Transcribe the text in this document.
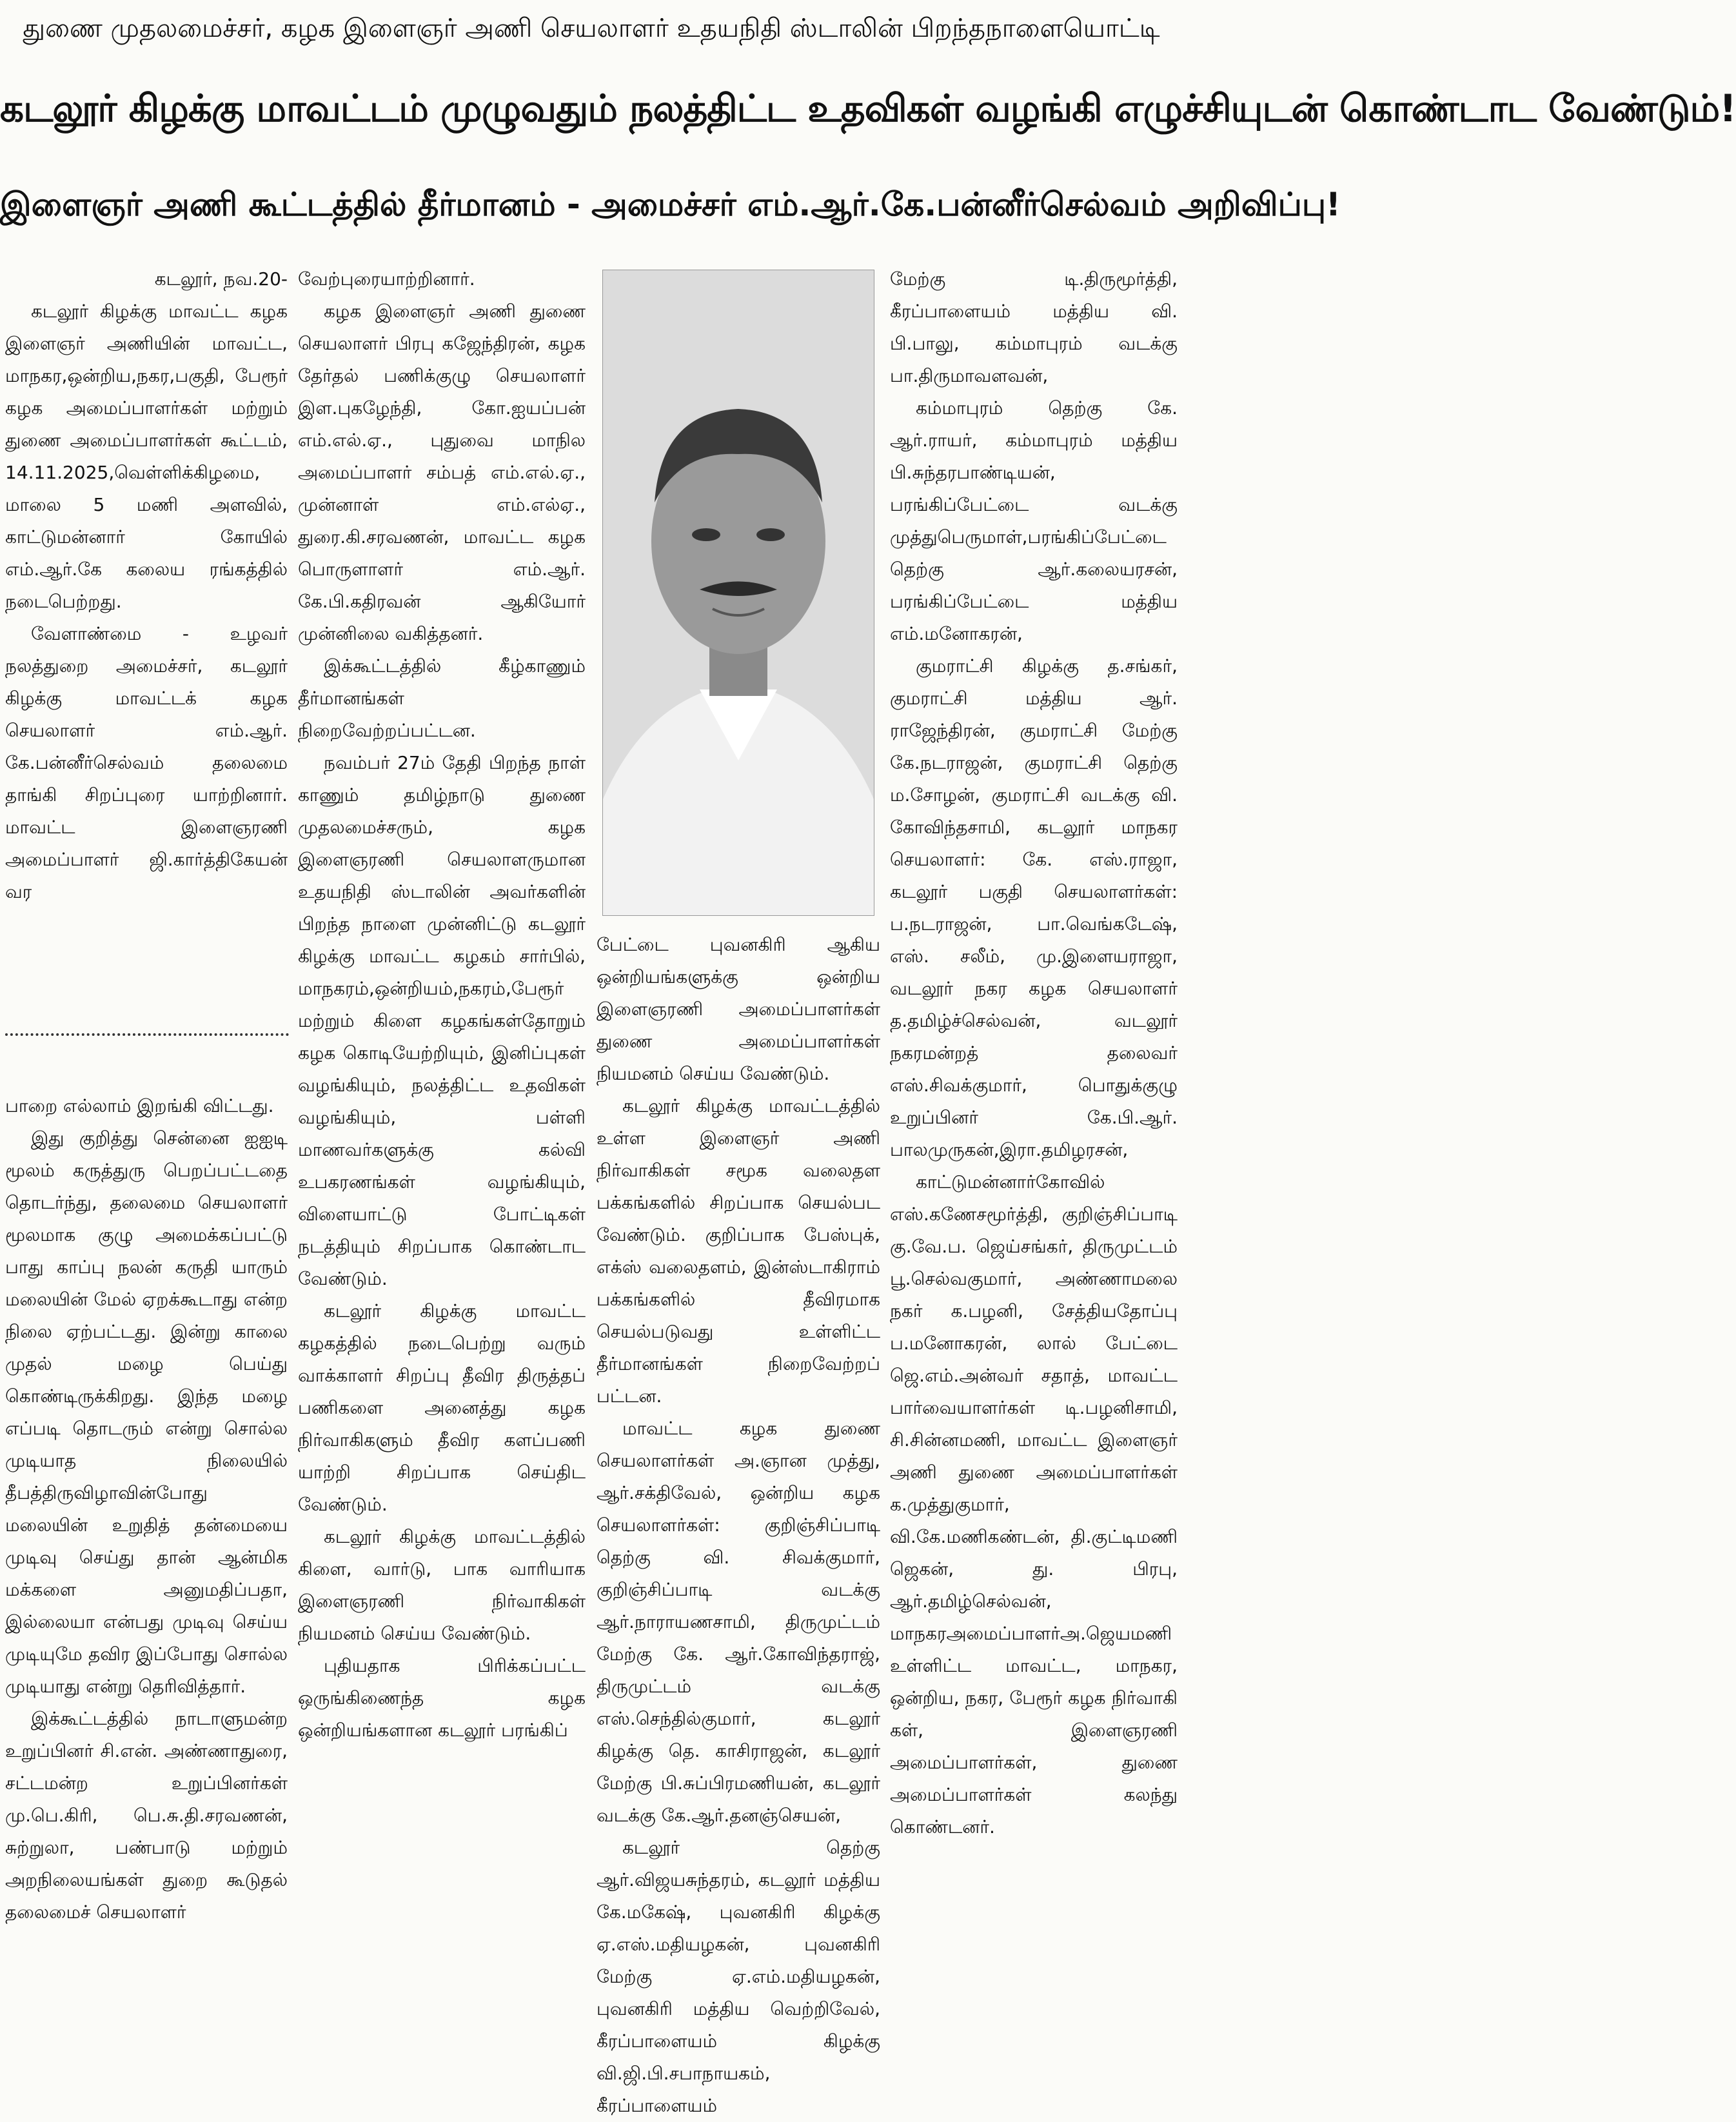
துணை முதலமைச்சர், கழக இளைஞர் அணி செயலாளர் உதயநிதி ஸ்டாலின் பிறந்தநாளையொட்டி
கடலூர் கிழக்கு மாவட்டம் முழுவதும் நலத்திட்ட உதவிகள் வழங்கி எழுச்சியுடன் கொண்டாட வேண்டும்!
இளைஞர் அணி கூட்டத்தில் தீர்மானம் - அமைச்சர் எம்.ஆர்.கே.பன்னீர்செல்வம் அறிவிப்பு!

கடலூர், நவ.20-

கடலூர் கிழக்கு மாவட்ட கழக இளைஞர் அணியின் மாவட்ட, மாநகர,ஒன்றிய,நகர,பகுதி, பேரூர் கழக அமைப்பாளர்கள் மற்றும் துணை அமைப்பாளர்கள் கூட்டம், 14.11.2025,வெள்ளிக்கிழமை, மாலை 5 மணி அளவில், காட்டுமன்னார் கோயில் எம்.ஆர்.கே கலைய ரங்கத்தில் நடைபெற்றது.

வேளாண்மை - உழவர் நலத்துறை அமைச்சர், கடலூர் கிழக்கு மாவட்டக் கழக செயலாளர் எம்.ஆர். கே.பன்னீர்செல்வம் தலைமை தாங்கி சிறப்புரை யாற்றினார். மாவட்ட இளைஞரணி அமைப்பாளர் ஜி.கார்த்திகேயன் வர

பாறை எல்லாம் இறங்கி விட்டது.

இது குறித்து சென்னை ஐஐடி மூலம் கருத்துரு பெறப்பட்டதை தொடர்ந்து, தலைமை செயலாளர் மூலமாக குழு அமைக்கப்பட்டு பாது காப்பு நலன் கருதி யாரும் மலையின் மேல் ஏறக்கூடாது என்ற நிலை ஏற்பட்டது. இன்று காலை முதல் மழை பெய்து கொண்டிருக்கிறது. இந்த மழை எப்படி தொடரும் என்று சொல்ல முடியாத நிலையில் தீபத்திருவிழாவின்போது மலையின் உறுதித் தன்மையை முடிவு செய்து தான் ஆன்மிக மக்களை அனுமதிப்பதா, இல்லையா என்பது முடிவு செய்ய முடியுமே தவிர இப்போது சொல்ல முடியாது என்று தெரிவித்தார்.

இக்கூட்டத்தில் நாடாளுமன்ற உறுப்பினர் சி.என். அண்ணாதுரை, சட்டமன்ற உறுப்பினர்கள் மு.பெ.கிரி, பெ.சு.தி.சரவணன், சுற்றுலா, பண்பாடு மற்றும் அறநிலையங்கள் துறை கூடுதல் தலைமைச் செயலாளர்

வேற்புரையாற்றினார்.

கழக இளைஞர் அணி துணை செயலாளர் பிரபு கஜேந்திரன், கழக தேர்தல் பணிக்குழு செயலாளர் இள.புகழேந்தி, கோ.ஐயப்பன் எம்.எல்.ஏ., புதுவை மாநில அமைப்பாளர் சம்பத் எம்.எல்.ஏ., முன்னாள் எம்.எல்ஏ., துரை.கி.சரவணன், மாவட்ட கழக பொருளாளர் எம்.ஆர். கே.பி.கதிரவன் ஆகியோர் முன்னிலை வகித்தனர்.

இக்கூட்டத்தில் கீழ்காணும் தீர்மானங்கள் நிறைவேற்றப்பட்டன.

நவம்பர் 27ம் தேதி பிறந்த நாள் காணும் தமிழ்நாடு துணை முதலமைச்சரும், கழக இளைஞரணி செயலாளருமான உதயநிதி ஸ்டாலின் அவர்களின் பிறந்த நாளை முன்னிட்டு கடலூர் கிழக்கு மாவட்ட கழகம் சார்பில், மாநகரம்,ஒன்றியம்,நகரம்,பேரூர் மற்றும் கிளை கழகங்கள்தோறும் கழக கொடியேற்றியும், இனிப்புகள் வழங்கியும், நலத்திட்ட உதவிகள் வழங்கியும், பள்ளி மாணவர்களுக்கு கல்வி உபகரணங்கள் வழங்கியும், விளையாட்டு போட்டிகள் நடத்தியும் சிறப்பாக கொண்டாட வேண்டும்.

கடலூர் கிழக்கு மாவட்ட கழகத்தில் நடைபெற்று வரும் வாக்காளர் சிறப்பு தீவிர திருத்தப் பணிகளை அனைத்து கழக நிர்வாகிகளும் தீவிர களப்பணி யாற்றி சிறப்பாக செய்திட வேண்டும்.

கடலூர் கிழக்கு மாவட்டத்தில் கிளை, வார்டு, பாக வாரியாக இளைஞரணி நிர்வாகிகள் நியமனம் செய்ய வேண்டும்.

புதியதாக பிரிக்கப்பட்ட ஒருங்கிணைந்த கழக ஒன்றியங்களான கடலூர் பரங்கிப்

பேட்டை புவனகிரி ஆகிய ஒன்றியங்களுக்கு ஒன்றிய இளைஞரணி அமைப்பாளர்கள் துணை அமைப்பாளர்கள் நியமனம் செய்ய வேண்டும்.

கடலூர் கிழக்கு மாவட்டத்தில் உள்ள இளைஞர் அணி நிர்வாகிகள் சமூக வலைதள பக்கங்களில் சிறப்பாக செயல்பட வேண்டும். குறிப்பாக பேஸ்புக், எக்ஸ் வலைதளம், இன்ஸ்டாகிராம் பக்கங்களில் தீவிரமாக செயல்படுவது உள்ளிட்ட தீர்மானங்கள் நிறைவேற்றப் பட்டன.

மாவட்ட கழக துணை செயலாளர்கள் அ.ஞான முத்து, ஆர்.சக்திவேல், ஒன்றிய கழக செயலாளர்கள்: குறிஞ்சிப்பாடி தெற்கு வி. சிவக்குமார், குறிஞ்சிப்பாடி வடக்கு ஆர்.நாராயணசாமி, திருமுட்டம் மேற்கு கே. ஆர்.கோவிந்தராஜ், திருமுட்டம் வடக்கு எஸ்.செந்தில்குமார், கடலூர் கிழக்கு தெ. காசிராஜன், கடலூர் மேற்கு பி.சுப்பிரமணியன், கடலூர் வடக்கு கே.ஆர்.தனஞ்செயன்,

கடலூர் தெற்கு ஆர்.விஜயசுந்தரம், கடலூர் மத்திய கே.மகேஷ், புவனகிரி கிழக்கு ஏ.எஸ்.மதியழகன், புவனகிரி மேற்கு ஏ.எம்.மதியழகன், புவனகிரி மத்திய வெற்றிவேல், கீரப்பாளையம் கிழக்கு வி.ஜி.பி.சபாநாயகம், கீரப்பாளையம்

மேற்கு டி.திருமூர்த்தி, கீரப்பாளையம் மத்திய வி. பி.பாலு, கம்மாபுரம் வடக்கு பா.திருமாவளவன்,

கம்மாபுரம் தெற்கு கே. ஆர்.ராயர், கம்மாபுரம் மத்திய பி.சுந்தரபாண்டியன், பரங்கிப்பேட்டை வடக்கு முத்துபெருமாள்,பரங்கிப்பேட்டை தெற்கு ஆர்.கலையரசன், பரங்கிப்பேட்டை மத்திய எம்.மனோகரன்,

குமராட்சி கிழக்கு த.சங்கர், குமராட்சி மத்திய ஆர். ராஜேந்திரன், குமராட்சி மேற்கு கே.நடராஜன், குமராட்சி தெற்கு ம.சோழன், குமராட்சி வடக்கு வி. கோவிந்தசாமி, கடலூர் மாநகர செயலாளர்: கே. எஸ்.ராஜா, கடலூர் பகுதி செயலாளர்கள்: ப.நடராஜன், பா.வெங்கடேஷ், எஸ். சலீம், மு.இளையராஜா, வடலூர் நகர கழக செயலாளர் த.தமிழ்ச்செல்வன், வடலூர் நகரமன்றத் தலைவர் எஸ்.சிவக்குமார், பொதுக்குழு உறுப்பினர் கே.பி.ஆர். பாலமுருகன்,இரா.தமிழரசன்,

காட்டுமன்னார்கோவில் எஸ்.கணேசமூர்த்தி, குறிஞ்சிப்பாடி கு.வே.ப. ஜெய்சங்கர், திருமுட்டம் பூ.செல்வகுமார், அண்ணாமலை நகர் க.பழனி, சேத்தியதோப்பு ப.மனோகரன், லால் பேட்டை ஜெ.எம்.அன்வர் சதாத், மாவட்ட பார்வையாளர்கள் டி.பழனிசாமி, சி.சின்னமணி, மாவட்ட இளைஞர் அணி துணை அமைப்பாளர்கள் க.முத்துகுமார், வி.கே.மணிகண்டன், தி.குட்டிமணி ஜெகன், து. பிரபு, ஆர்.தமிழ்செல்வன், மாநகரஅமைப்பாளர்அ.ஜெயமணி உள்ளிட்ட மாவட்ட, மாநகர, ஒன்றிய, நகர, பேரூர் கழக நிர்வாகி கள், இளைஞரணி அமைப்பாளர்கள், துணை அமைப்பாளர்கள் கலந்து கொண்டனர்.
